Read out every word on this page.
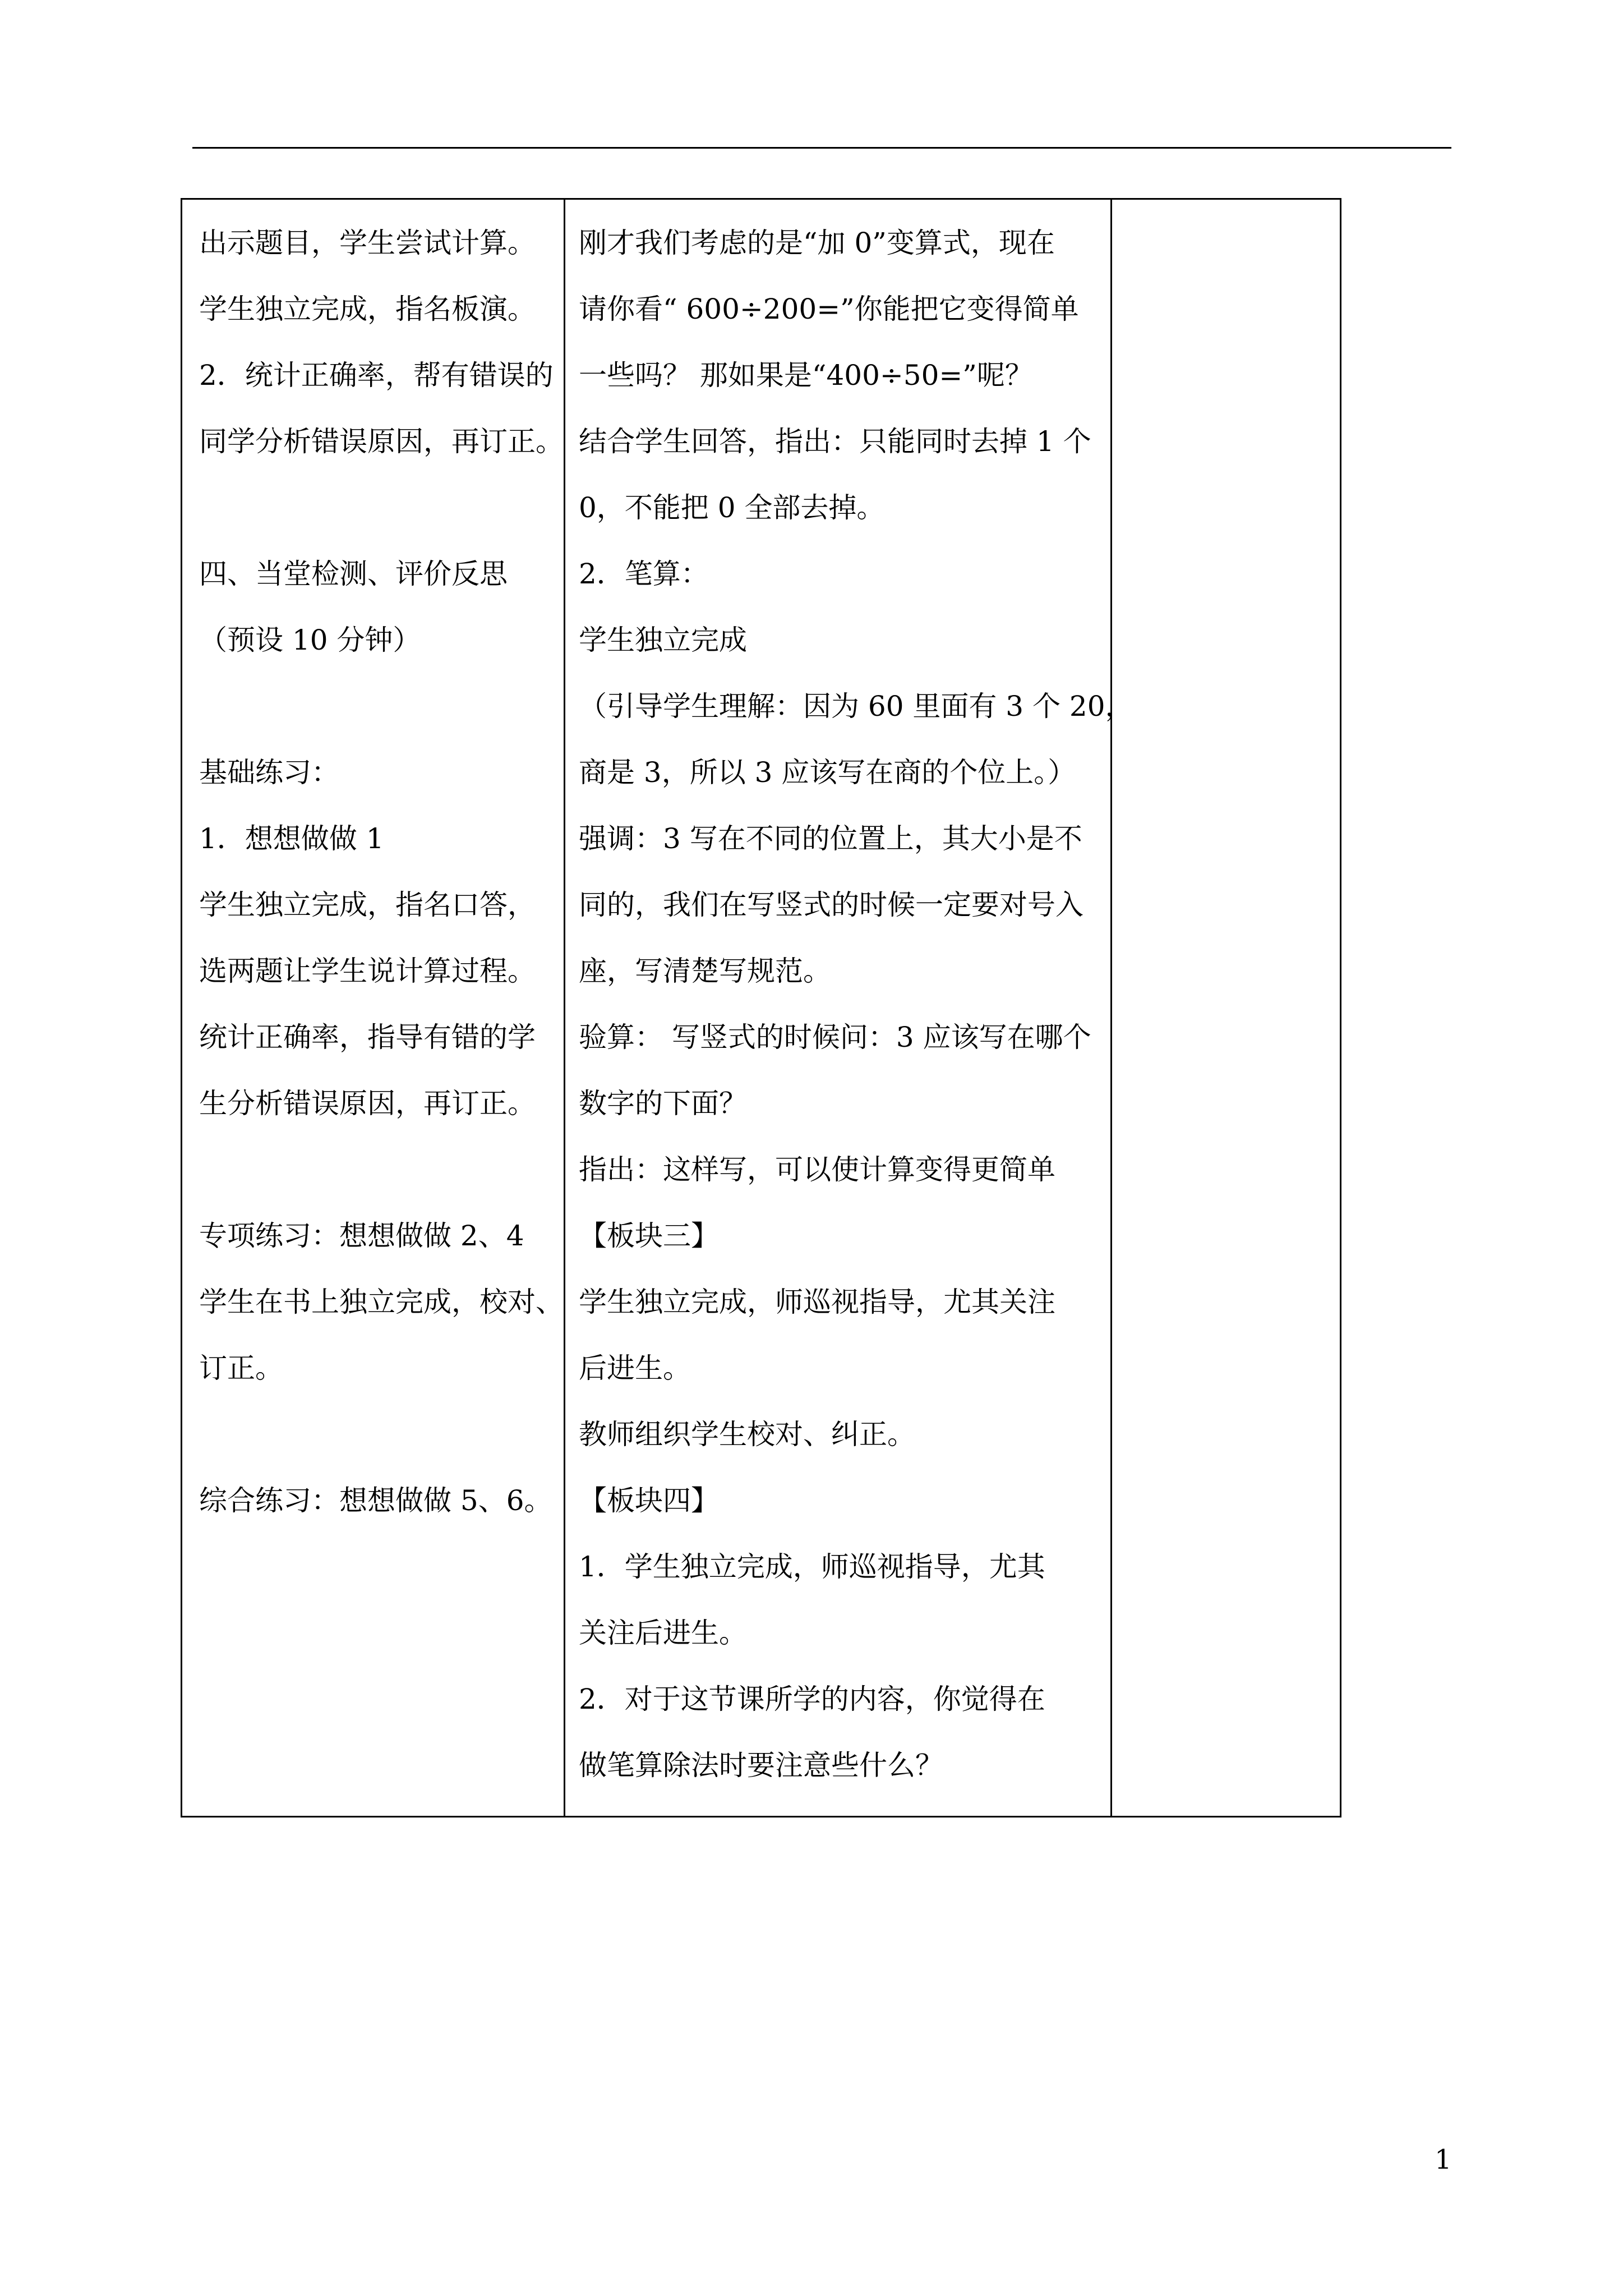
出示题目，学生尝试计算。
学生独立完成，指名板演。
2．统计正确率，帮有错误的
同学分析错误原因，再订正。
四、当堂检测、评价反思
（预设 10 分钟）
基础练习：
1．想想做做 1
学生独立完成，指名口答，
选两题让学生说计算过程。
统计正确率，指导有错的学
生分析错误原因，再订正。
专项练习：想想做做 2、4
学生在书上独立完成，校对、
订正。
综合练习：想想做做 5、6。
刚才我们考虑的是“加 0”变算式，现在
请你看“ 600÷200=”你能把它变得简单
一些吗？ 那如果是“400÷50=”呢？
结合学生回答，指出：只能同时去掉 1 个
0，不能把 0 全部去掉。
2．笔算：
学生独立完成
（引导学生理解：因为 60 里面有 3 个 20，
商是 3，所以 3 应该写在商的个位上。）
强调：3 写在不同的位置上，其大小是不
同的，我们在写竖式的时候一定要对号入
座，写清楚写规范。
验算： 写竖式的时候问：3 应该写在哪个
数字的下面？
指出：这样写，可以使计算变得更简单
【板块三】
学生独立完成，师巡视指导，尤其关注
后进生。
教师组织学生校对、纠正。
【板块四】
1．学生独立完成，师巡视指导，尤其
关注后进生。
2．对于这节课所学的内容，你觉得在
做笔算除法时要注意些什么？
1
